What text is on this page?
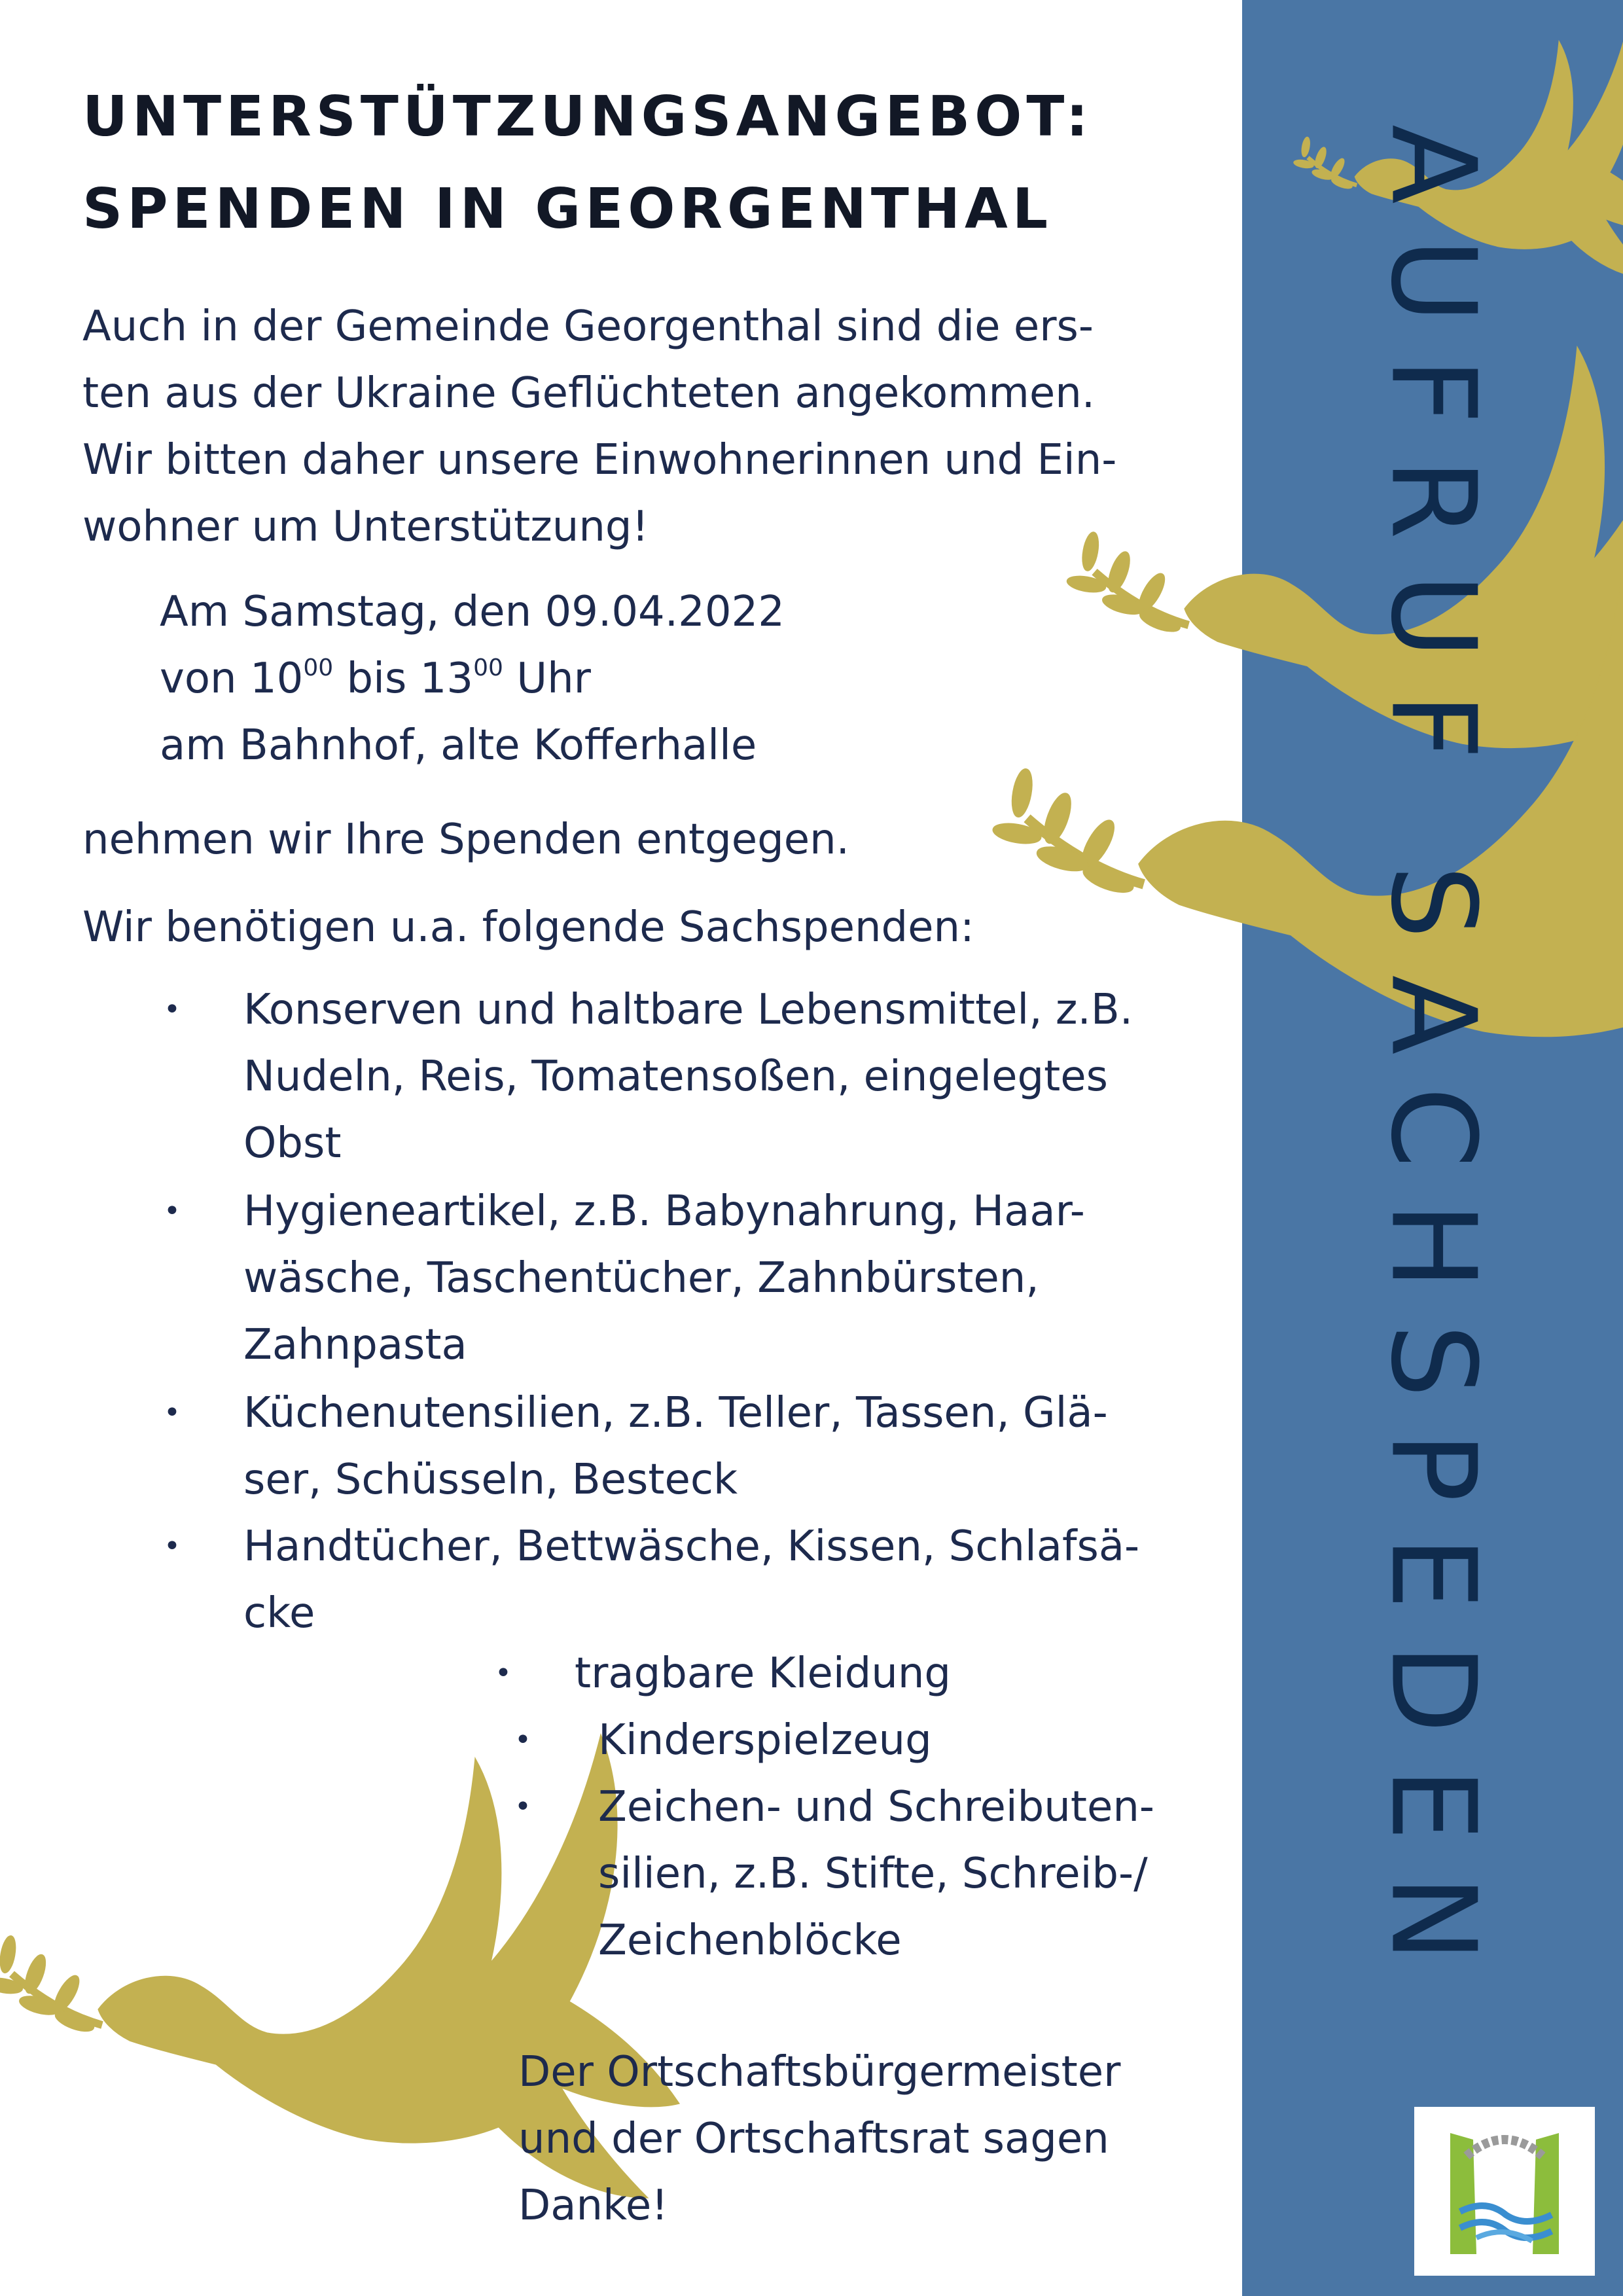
AUFRUF SACHSPEDEN
UNTERSTÜTZUNGSANGEBOT:
SPENDEN IN GEORGENTHAL
Auch in der Gemeinde Georgenthal sind die ers-
ten aus der Ukraine Geflüchteten angekommen.
Wir bitten daher unsere Einwohnerinnen und Ein-
wohner um Unterstützung!
Am Samstag, den 09.04.2022
von $10^{00}$ bis $13^{00}$ Uhr
am Bahnhof, alte Kofferhalle
nehmen wir Ihre Spenden entgegen.
Wir benötigen u.a. folgende Sachspenden:
• Konserven und haltbare Lebensmittel, z.B.
Nudeln, Reis, Tomatensoßen, eingelegtes
Obst
• Hygieneartikel, z.B. Babynahrung, Haar-
wäsche, Taschentücher, Zahnbürsten,
Zahnpasta
• Küchenutensilien, z.B. Teller, Tassen, Glä-
ser, Schüsseln, Besteck
• Handtücher, Bettwäsche, Kissen, Schlafsä-
cke
• tragbare Kleidung
• Kinderspielzeug
• Zeichen- und Schreibuten-
silien, z.B. Stifte, Schreib-/
Zeichenblöcke
Der Ortschaftsbürgermeister
und der Ortschaftsrat sagen
Danke!
